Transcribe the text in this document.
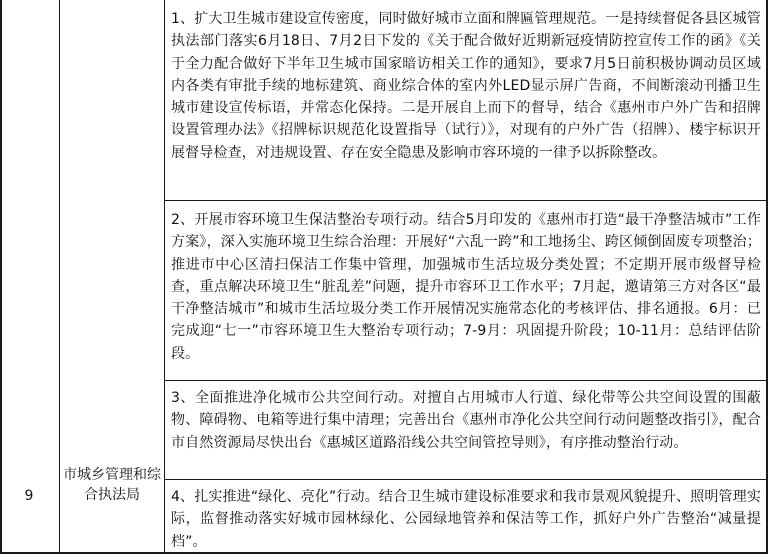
9
市城乡管理和综合执法局

1、扩大卫生城市建设宣传密度，同时做好城市立面和牌匾管理规范。一是持续督促各县区城管执法部门落实6月18日、7月2日下发的《关于配合做好近期新冠疫情防控宣传工作的函》《关于全力配合做好下半年卫生城市国家暗访相关工作的通知》，要求7月5日前积极协调动员区域内各类有审批手续的地标建筑、商业综合体的室内外LED显示屏广告商，不间断滚动刊播卫生城市建设宣传标语，并常态化保持。二是开展自上而下的督导，结合《惠州市户外广告和招牌设置管理办法》《招牌标识规范化设置指导（试行）》，对现有的户外广告（招牌）、楼宇标识开展督导检查，对违规设置、存在安全隐患及影响市容环境的一律予以拆除整改。

2、开展市容环境卫生保洁整治专项行动。结合5月印发的《惠州市打造“最干净整洁城市”工作方案》，深入实施环境卫生综合治理：开展好“六乱一跨”和工地扬尘、跨区倾倒固废专项整治；推进市中心区清扫保洁工作集中管理，加强城市生活垃圾分类处置；不定期开展市级督导检查，重点解决环境卫生“脏乱差”问题，提升市容环卫工作水平；7月起，邀请第三方对各区“最干净整洁城市”和城市生活垃圾分类工作开展情况实施常态化的考核评估、排名通报。6月：已完成迎“七一”市容环境卫生大整治专项行动；7-9月：巩固提升阶段；10-11月：总结评估阶段。

3、全面推进净化城市公共空间行动。对擅自占用城市人行道、绿化带等公共空间设置的围蔽物、障碍物、电箱等进行集中清理；完善出台《惠州市净化公共空间行动问题整改指引》，配合市自然资源局尽快出台《惠城区道路沿线公共空间管控导则》，有序推动整治行动。

4、扎实推进“绿化、亮化”行动。结合卫生城市建设标准要求和我市景观风貌提升、照明管理实际，监督推动落实好城市园林绿化、公园绿地管养和保洁等工作，抓好户外广告整治“减量提档”。
